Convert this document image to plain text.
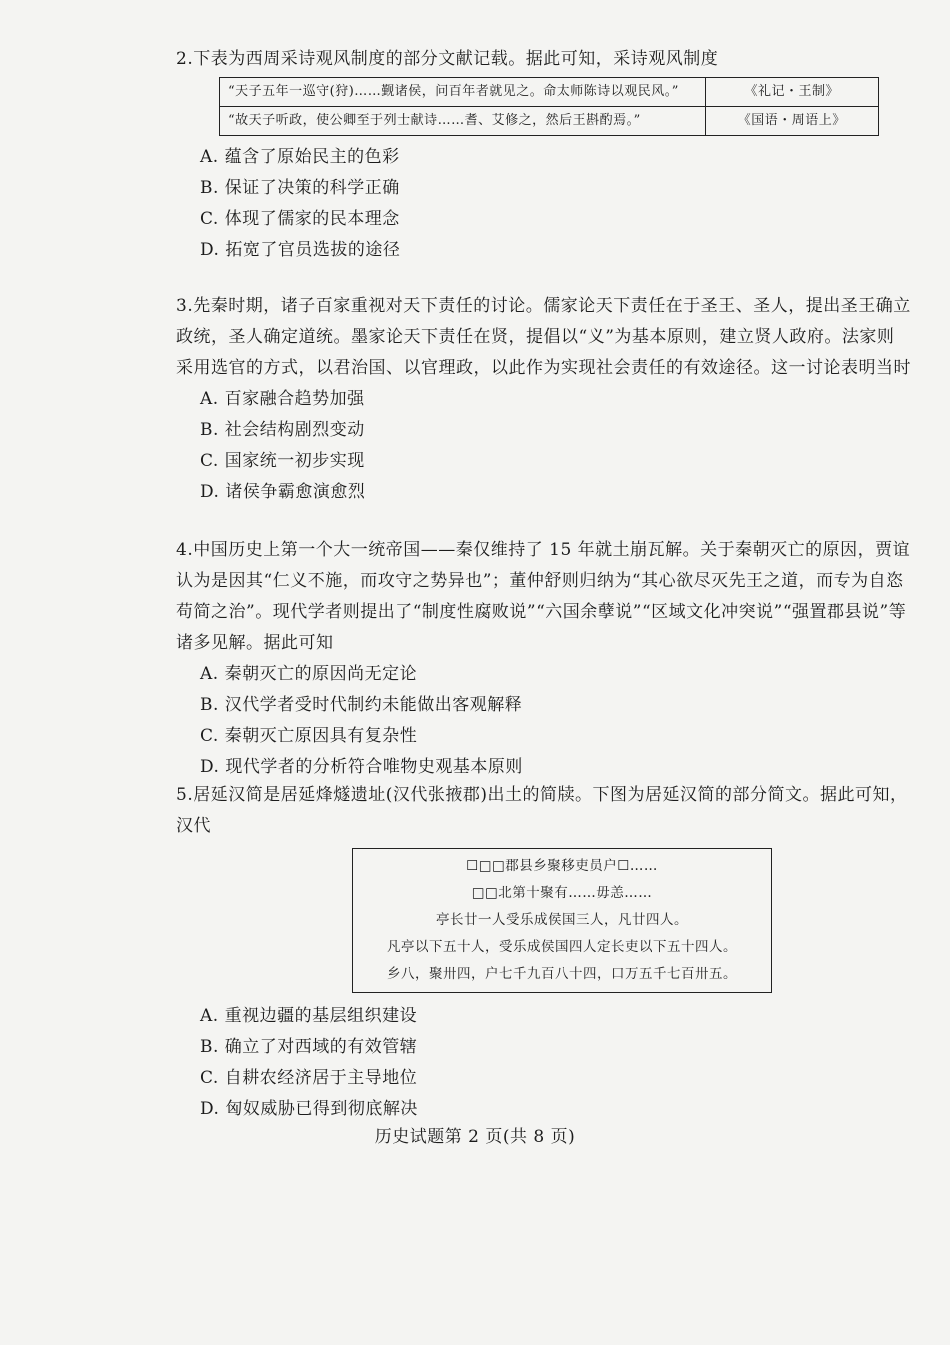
2.下表为西周采诗观风制度的部分文献记载。据此可知，采诗观风制度

“天子五年一巡守(狩)……觐诸侯，问百年者就见之。命太师陈诗以观民风。”	《礼记・王制》
“故天子听政，使公卿至于列士献诗……耆、艾修之，然后王斟酌焉。”	《国语・周语上》
A. 蕴含了原始民主的色彩
B. 保证了决策的科学正确
C. 体现了儒家的民本理念
D. 拓宽了官员选拔的途径

3.先秦时期，诸子百家重视对天下责任的讨论。儒家论天下责任在于圣王、圣人，提出圣王确立政统，圣人确定道统。墨家论天下责任在贤，提倡以“义”为基本原则，建立贤人政府。法家则采用选官的方式，以君治国、以官理政，以此作为实现社会责任的有效途径。这一讨论表明当时

A. 百家融合趋势加强
B. 社会结构剧烈变动
C. 国家统一初步实现
D. 诸侯争霸愈演愈烈

4.中国历史上第一个大一统帝国——秦仅维持了 15 年就土崩瓦解。关于秦朝灭亡的原因，贾谊认为是因其“仁义不施，而攻守之势异也”；董仲舒则归纳为“其心欲尽灭先王之道，而专为自恣苟简之治”。现代学者则提出了“制度性腐败说”“六国余孽说”“区域文化冲突说”“强置郡县说”等诸多见解。据此可知

A. 秦朝灭亡的原因尚无定论
B. 汉代学者受时代制约未能做出客观解释
C. 秦朝灭亡原因具有复杂性
D. 现代学者的分析符合唯物史观基本原则

5.居延汉简是居延烽燧遗址(汉代张掖郡)出土的简牍。下图为居延汉简的部分简文。据此可知，汉代

☐□□郡县乡聚移吏员户☐……
□□北第十聚有……毋恙……
亭长廿一人受乐成侯国三人，凡廿四人。
凡亭以下五十人，受乐成侯国四人定长吏以下五十四人。
乡八，聚卅四，户七千九百八十四，口万五千七百卅五。
A. 重视边疆的基层组织建设
B. 确立了对西域的有效管辖
C. 自耕农经济居于主导地位
D. 匈奴威胁已得到彻底解决
历史试题第 2 页(共 8 页)
